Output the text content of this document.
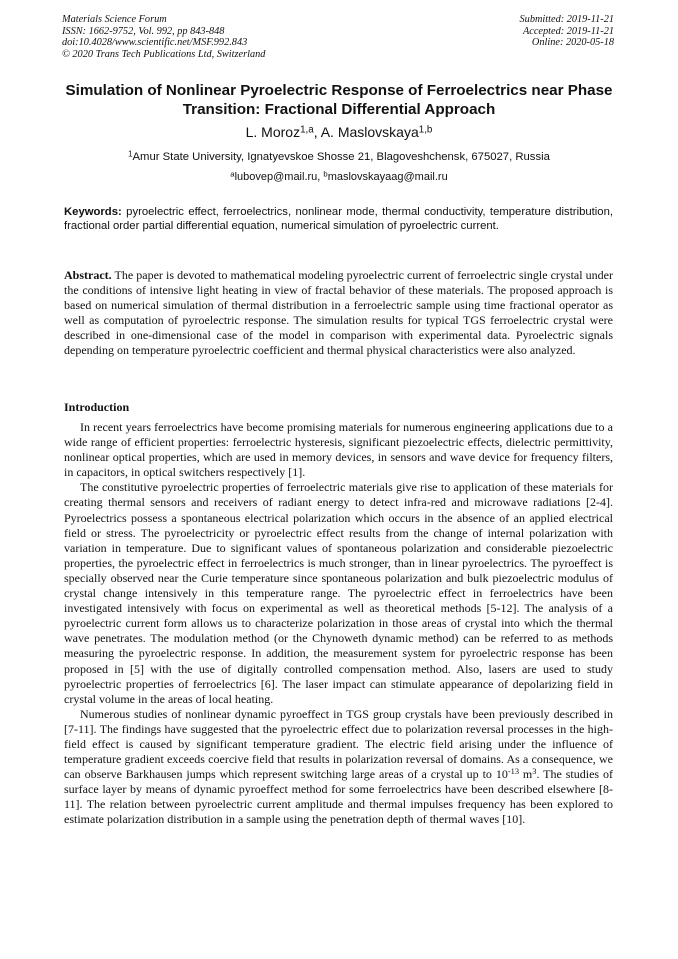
Materials Science Forum
ISSN: 1662-9752, Vol. 992, pp 843-848
doi:10.4028/www.scientific.net/MSF.992.843
© 2020 Trans Tech Publications Ltd, Switzerland
Submitted: 2019-11-21
Accepted: 2019-11-21
Online: 2020-05-18
Simulation of Nonlinear Pyroelectric Response of Ferroelectrics near Phase Transition: Fractional Differential Approach
L. Moroz$^{1,a}$, A. Maslovskaya$^{1,b}$
$^1$Amur State University, Ignatyevskoe Shosse 21, Blagoveshchensk, 675027, Russia
$^a$lubovep@mail.ru, $^b$maslovskayaag@mail.ru

Keywords: pyroelectric effect, ferroelectrics, nonlinear mode, thermal conductivity, temperature distribution, fractional order partial differential equation, numerical simulation of pyroelectric current.

Abstract. The paper is devoted to mathematical modeling pyroelectric current of ferroelectric single crystal under the conditions of intensive light heating in view of fractal behavior of these materials. The proposed approach is based on numerical simulation of thermal distribution in a ferroelectric sample using time fractional operator as well as computation of pyroelectric response. The simulation results for typical TGS ferroelectric crystal were described in one-dimensional case of the model in comparison with experimental data. Pyroelectric signals depending on temperature pyroelectric coefficient and thermal physical characteristics were also analyzed.

Introduction

In recent years ferroelectrics have become promising materials for numerous engineering applications due to a wide range of efficient properties: ferroelectric hysteresis, significant piezoelectric effects, dielectric permittivity, nonlinear optical properties, which are used in memory devices, in sensors and wave device for frequency filters, in capacitors, in optical switchers respectively [1].

The constitutive pyroelectric properties of ferroelectric materials give rise to application of these materials for creating thermal sensors and receivers of radiant energy to detect infra-red and microwave radiations [2-4]. Pyroelectrics possess a spontaneous electrical polarization which occurs in the absence of an applied electrical field or stress. The pyroelectricity or pyroelectric effect results from the change of internal polarization with variation in temperature. Due to significant values of spontaneous polarization and considerable piezoelectric properties, the pyroelectric effect in ferroelectrics is much stronger, than in linear pyroelectrics. The pyroeffect is specially observed near the Curie temperature since spontaneous polarization and bulk piezoelectric modulus of crystal change intensively in this temperature range. The pyroelectric effect in ferroelectrics have been investigated intensively with focus on experimental as well as theoretical methods [5-12]. The analysis of a pyroelectric current form allows us to characterize polarization in those areas of crystal into which the thermal wave penetrates. The modulation method (or the Chynoweth dynamic method) can be referred to as methods measuring the pyroelectric response. In addition, the measurement system for pyroelectric response has been proposed in [5] with the use of digitally controlled compensation method. Also, lasers are used to study pyroelectric properties of ferroelectrics [6]. The laser impact can stimulate appearance of depolarizing field in crystal volume in the areas of local heating.

Numerous studies of nonlinear dynamic pyroeffect in TGS group crystals have been previously described in [7-11]. The findings have suggested that the pyroelectric effect due to polarization reversal processes in the high-field effect is caused by significant temperature gradient. The electric field arising under the influence of temperature gradient exceeds coercive field that results in polarization reversal of domains. As a consequence, we can observe Barkhausen jumps which represent switching large areas of a crystal up to $10^{-13}$ $m^3$. The studies of surface layer by means of dynamic pyroeffect method for some ferroelectrics have been described elsewhere [8-11]. The relation between pyroelectric current amplitude and thermal impulses frequency has been explored to estimate polarization distribution in a sample using the penetration depth of thermal waves [10].
